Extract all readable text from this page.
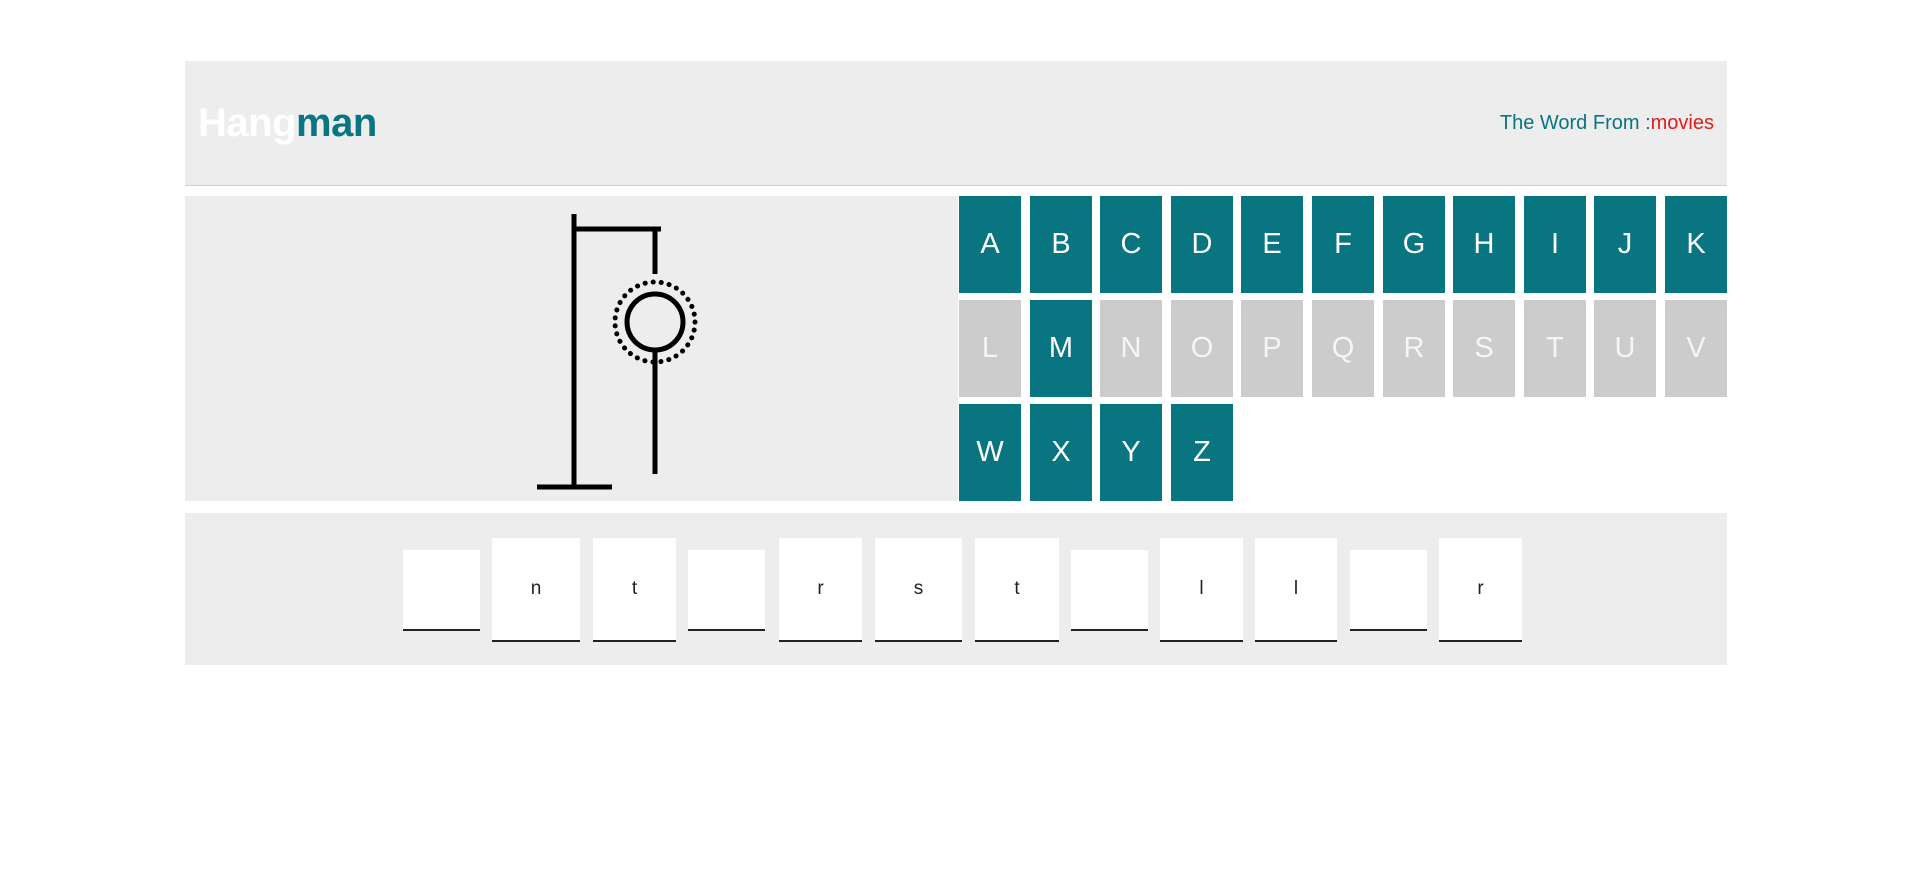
Hangman	The Word From :movies
A	B	C	D	E	F	G	H	I	J	K
L	M	N	O	P	Q	R	S	T	U	V
W	X	Y	Z
n	t	r	s	t	l	l	r
